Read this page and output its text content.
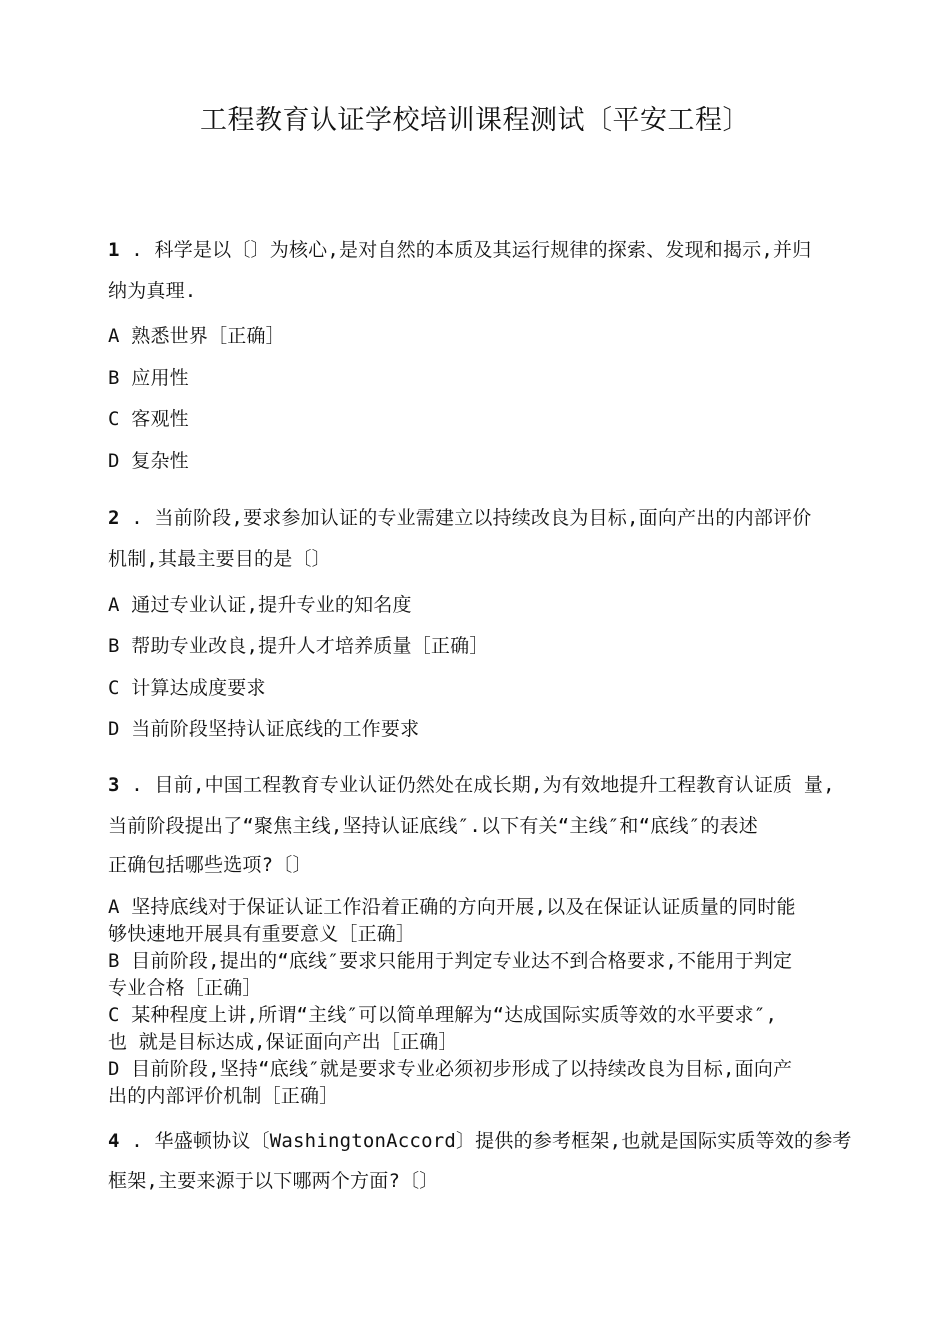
工程教育认证学校培训课程测试〔平安工程〕
1 . 科学是以〔〕为核心,是对自然的本质及其运行规律的探索、发现和揭示,并归
纳为真理.
A 熟悉世界［正确］
B 应用性
C 客观性
D 复杂性
2 . 当前阶段,要求参加认证的专业需建立以持续改良为目标,面向产出的内部评价
机制,其最主要目的是〔〕
A 通过专业认证,提升专业的知名度
B 帮助专业改良,提升人才培养质量［正确］
C 计算达成度要求
D 当前阶段坚持认证底线的工作要求
3 . 目前,中国工程教育专业认证仍然处在成长期,为有效地提升工程教育认证质 量,
当前阶段提出了“聚焦主线,坚持认证底线″.以下有关“主线″和“底线″的表述
正确包括哪些选项?〔〕
A 坚持底线对于保证认证工作沿着正确的方向开展,以及在保证认证质量的同时能
够快速地开展具有重要意义［正确］
B 目前阶段,提出的“底线″要求只能用于判定专业达不到合格要求,不能用于判定
专业合格［正确］
C 某种程度上讲,所谓“主线″可以简单理解为“达成国际实质等效的水平要求″,
也 就是目标达成,保证面向产出［正确］
D 目前阶段,坚持“底线″就是要求专业必须初步形成了以持续改良为目标,面向产
出的内部评价机制［正确］
4 . 华盛顿协议〔WashingtonAccord〕提供的参考框架,也就是国际实质等效的参考
框架,主要来源于以下哪两个方面?〔〕
